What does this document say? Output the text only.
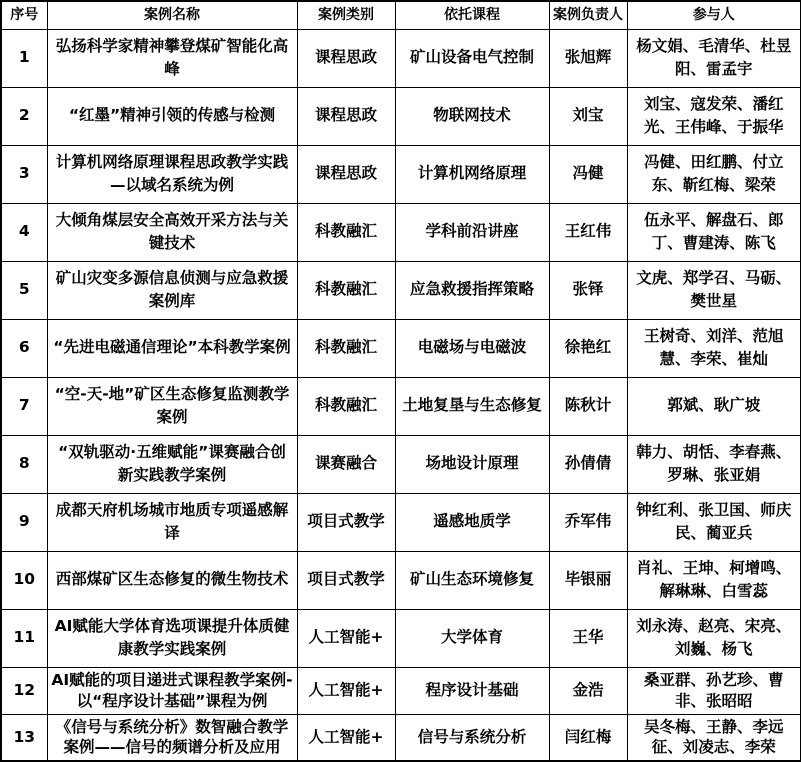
序号	案例名称	案例类别	依托课程	案例负责人	参与人
1	弘扬科学家精神攀登煤矿智能化高峰	课程思政	矿山设备电气控制	张旭辉	杨文娟、毛清华、杜昱阳、雷孟宇
2	“红墨”精神引领的传感与检测	课程思政	物联网技术	刘宝	刘宝、寇发荣、潘红光、王伟峰、于振华
3	计算机网络原理课程思政教学实践—以域名系统为例	课程思政	计算机网络原理	冯健	冯健、田红鹏、付立东、靳红梅、梁荣
4	大倾角煤层安全高效开采方法与关键技术	科教融汇	学科前沿讲座	王红伟	伍永平、解盘石、郎丁、曹建涛、陈飞
5	矿山灾变多源信息侦测与应急救援案例库	科教融汇	应急救援指挥策略	张铎	文虎、郑学召、马砺、樊世星
6	“先进电磁通信理论”本科教学案例	科教融汇	电磁场与电磁波	徐艳红	王树奇、刘洋、范旭慧、李荣、崔灿
7	“空-天-地”矿区生态修复监测教学案例	科教融汇	土地复垦与生态修复	陈秋计	郭斌、耿广坡
8	“双轨驱动·五维赋能”课赛融合创新实践教学案例	课赛融合	场地设计原理	孙倩倩	韩力、胡恬、李春燕、罗琳、张亚娟
9	成都天府机场城市地质专项遥感解译	项目式教学	遥感地质学	乔军伟	钟红利、张卫国、师庆民、蔺亚兵
10	西部煤矿区生态修复的微生物技术	项目式教学	矿山生态环境修复	毕银丽	肖礼、王坤、柯增鸣、解琳琳、白雪蕊
11	AI赋能大学体育选项课提升体质健康教学实践案例	人工智能+	大学体育	王华	刘永涛、赵亮、宋亮、刘巍、杨飞
12	AI赋能的项目递进式课程教学案例-以“程序设计基础”课程为例	人工智能+	程序设计基础	金浩	桑亚群、孙艺珍、曹非、张昭昭
13	《信号与系统分析》数智融合教学案例——信号的频谱分析及应用	人工智能+	信号与系统分析	闫红梅	吴冬梅、王静、李远征、刘凌志、李荣
